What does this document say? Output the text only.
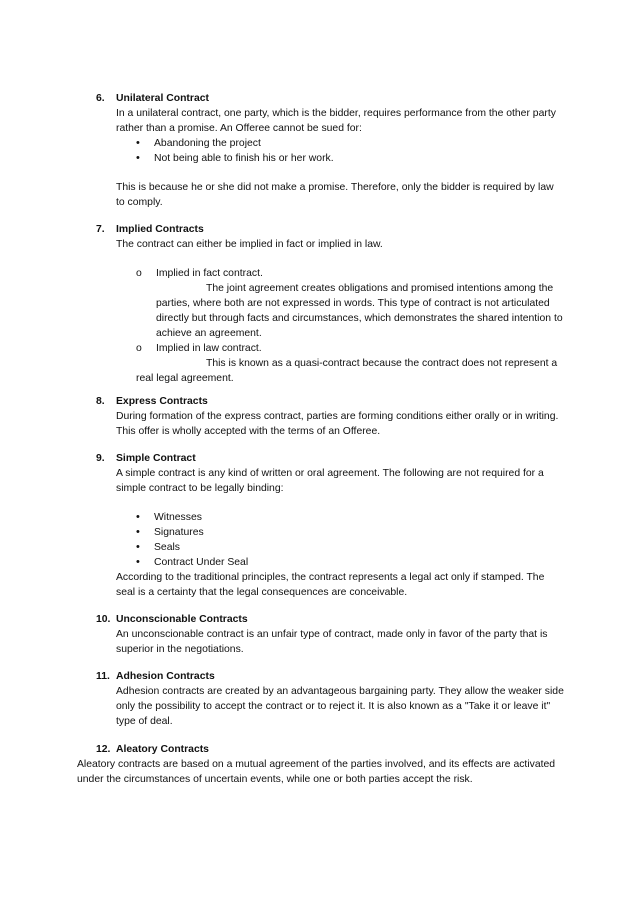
6. Unilateral Contract

In a unilateral contract, one party, which is the bidder, requires performance from the other party rather than a promise. An Offeree cannot be sued for:

• Abandoning the project
• Not being able to finish his or her work.

This is because he or she did not make a promise. Therefore, only the bidder is required by law to comply.

7. Implied Contracts

The contract can either be implied in fact or implied in law.

o Implied in fact contract.
The joint agreement creates obligations and promised intentions among the
parties, where both are not expressed in words. This type of contract is not articulated directly but through facts and circumstances, which demonstrates the shared intention to achieve an agreement.
o Implied in law contract.
This is known as a quasi-contract because the contract does not represent a
real legal agreement.
8. Express Contracts

During formation of the express contract, parties are forming conditions either orally or in writing. This offer is wholly accepted with the terms of an Offeree.

9. Simple Contract

A simple contract is any kind of written or oral agreement. The following are not required for a simple contract to be legally binding:

• Witnesses
• Signatures
• Seals
• Contract Under Seal

According to the traditional principles, the contract represents a legal act only if stamped. The seal is a certainty that the legal consequences are conceivable.

10. Unconscionable Contracts

An unconscionable contract is an unfair type of contract, made only in favor of the party that is superior in the negotiations.

11. Adhesion Contracts

Adhesion contracts are created by an advantageous bargaining party. They allow the weaker side only the possibility to accept the contract or to reject it. It is also known as a "Take it or leave it" type of deal.

12. Aleatory Contracts

Aleatory contracts are based on a mutual agreement of the parties involved, and its effects are activated under the circumstances of uncertain events, while one or both parties accept the risk.
